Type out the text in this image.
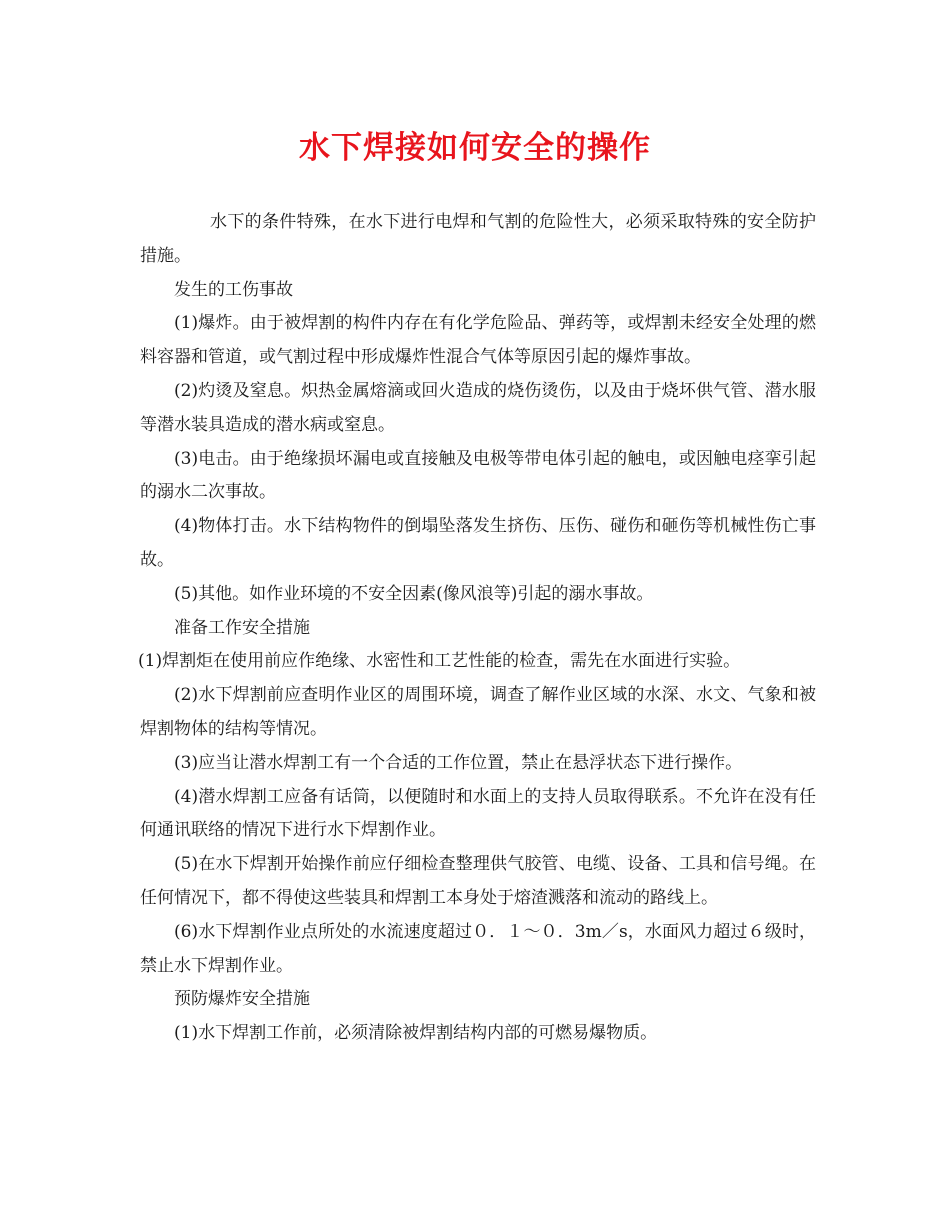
水下焊接如何安全的操作

水下的条件特殊，在水下进行电焊和气割的危险性大，必须采取特殊的安全防护措施。

发生的工伤事故

(1)爆炸。由于被焊割的构件内存在有化学危险品、弹药等，或焊割未经安全处理的燃料容器和管道，或气割过程中形成爆炸性混合气体等原因引起的爆炸事故。

(2)灼烫及窒息。炽热金属熔滴或回火造成的烧伤烫伤，以及由于烧坏供气管、潜水服等潜水装具造成的潜水病或窒息。

(3)电击。由于绝缘损坏漏电或直接触及电极等带电体引起的触电，或因触电痉挛引起的溺水二次事故。

(4)物体打击。水下结构物件的倒塌坠落发生挤伤、压伤、碰伤和砸伤等机械性伤亡事故。

(5)其他。如作业环境的不安全因素(像风浪等)引起的溺水事故。

准备工作安全措施

(1)焊割炬在使用前应作绝缘、水密性和工艺性能的检查，需先在水面进行实验。

(2)水下焊割前应查明作业区的周围环境，调查了解作业区域的水深、水文、气象和被焊割物体的结构等情况。

(3)应当让潜水焊割工有一个合适的工作位置，禁止在悬浮状态下进行操作。

(4)潜水焊割工应备有话筒，以便随时和水面上的支持人员取得联系。不允许在没有任何通讯联络的情况下进行水下焊割作业。

(5)在水下焊割开始操作前应仔细检查整理供气胶管、电缆、设备、工具和信号绳。在任何情况下，都不得使这些装具和焊割工本身处于熔渣溅落和流动的路线上。

(6)水下焊割作业点所处的水流速度超过０．１～０．3m／s，水面风力超过６级时，禁止水下焊割作业。

预防爆炸安全措施

(1)水下焊割工作前，必须清除被焊割结构内部的可燃易爆物质。
